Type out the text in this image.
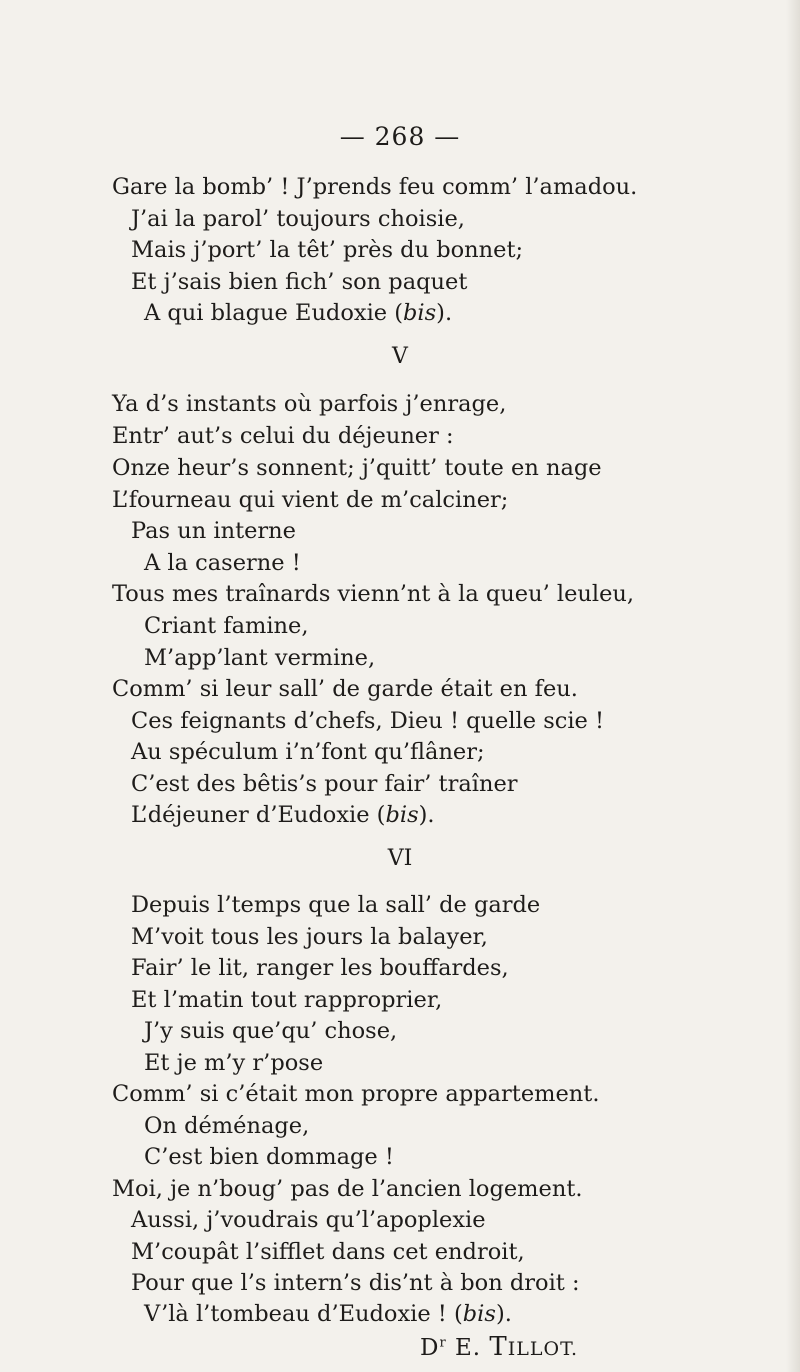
— 268 —
Gare la bomb’ ! J’prends feu comm’ l’amadou.
J’ai la parol’ toujours choisie,
Mais j’port’ la têt’ près du bonnet;
Et j’sais bien fich’ son paquet
A qui blague Eudoxie (bis).
V
Ya d’s instants où parfois j’enrage,
Entr’ aut’s celui du déjeuner :
Onze heur’s sonnent; j’quitt’ toute en nage
L’fourneau qui vient de m’calciner;
Pas un interne
A la caserne !
Tous mes traînards vienn’nt à la queu’ leuleu,
Criant famine,
M’app’lant vermine,
Comm’ si leur sall’ de garde était en feu.
Ces feignants d’chefs, Dieu ! quelle scie !
Au spéculum i’n’font qu’flâner;
C’est des bêtis’s pour fair’ traîner
L’déjeuner d’Eudoxie (bis).
VI
Depuis l’temps que la sall’ de garde
M’voit tous les jours la balayer,
Fair’ le lit, ranger les bouffardes,
Et l’matin tout rapproprier,
J’y suis que’qu’ chose,
Et je m’y r’pose
Comm’ si c’était mon propre appartement.
On déménage,
C’est bien dommage !
Moi, je n’boug’ pas de l’ancien logement.
Aussi, j’voudrais qu’l’apoplexie
M’coupât l’sifflet dans cet endroit,
Pour que l’s intern’s dis’nt à bon droit :
V’là l’tombeau d’Eudoxie ! (bis).
$D^r$ E. TILLOT.
